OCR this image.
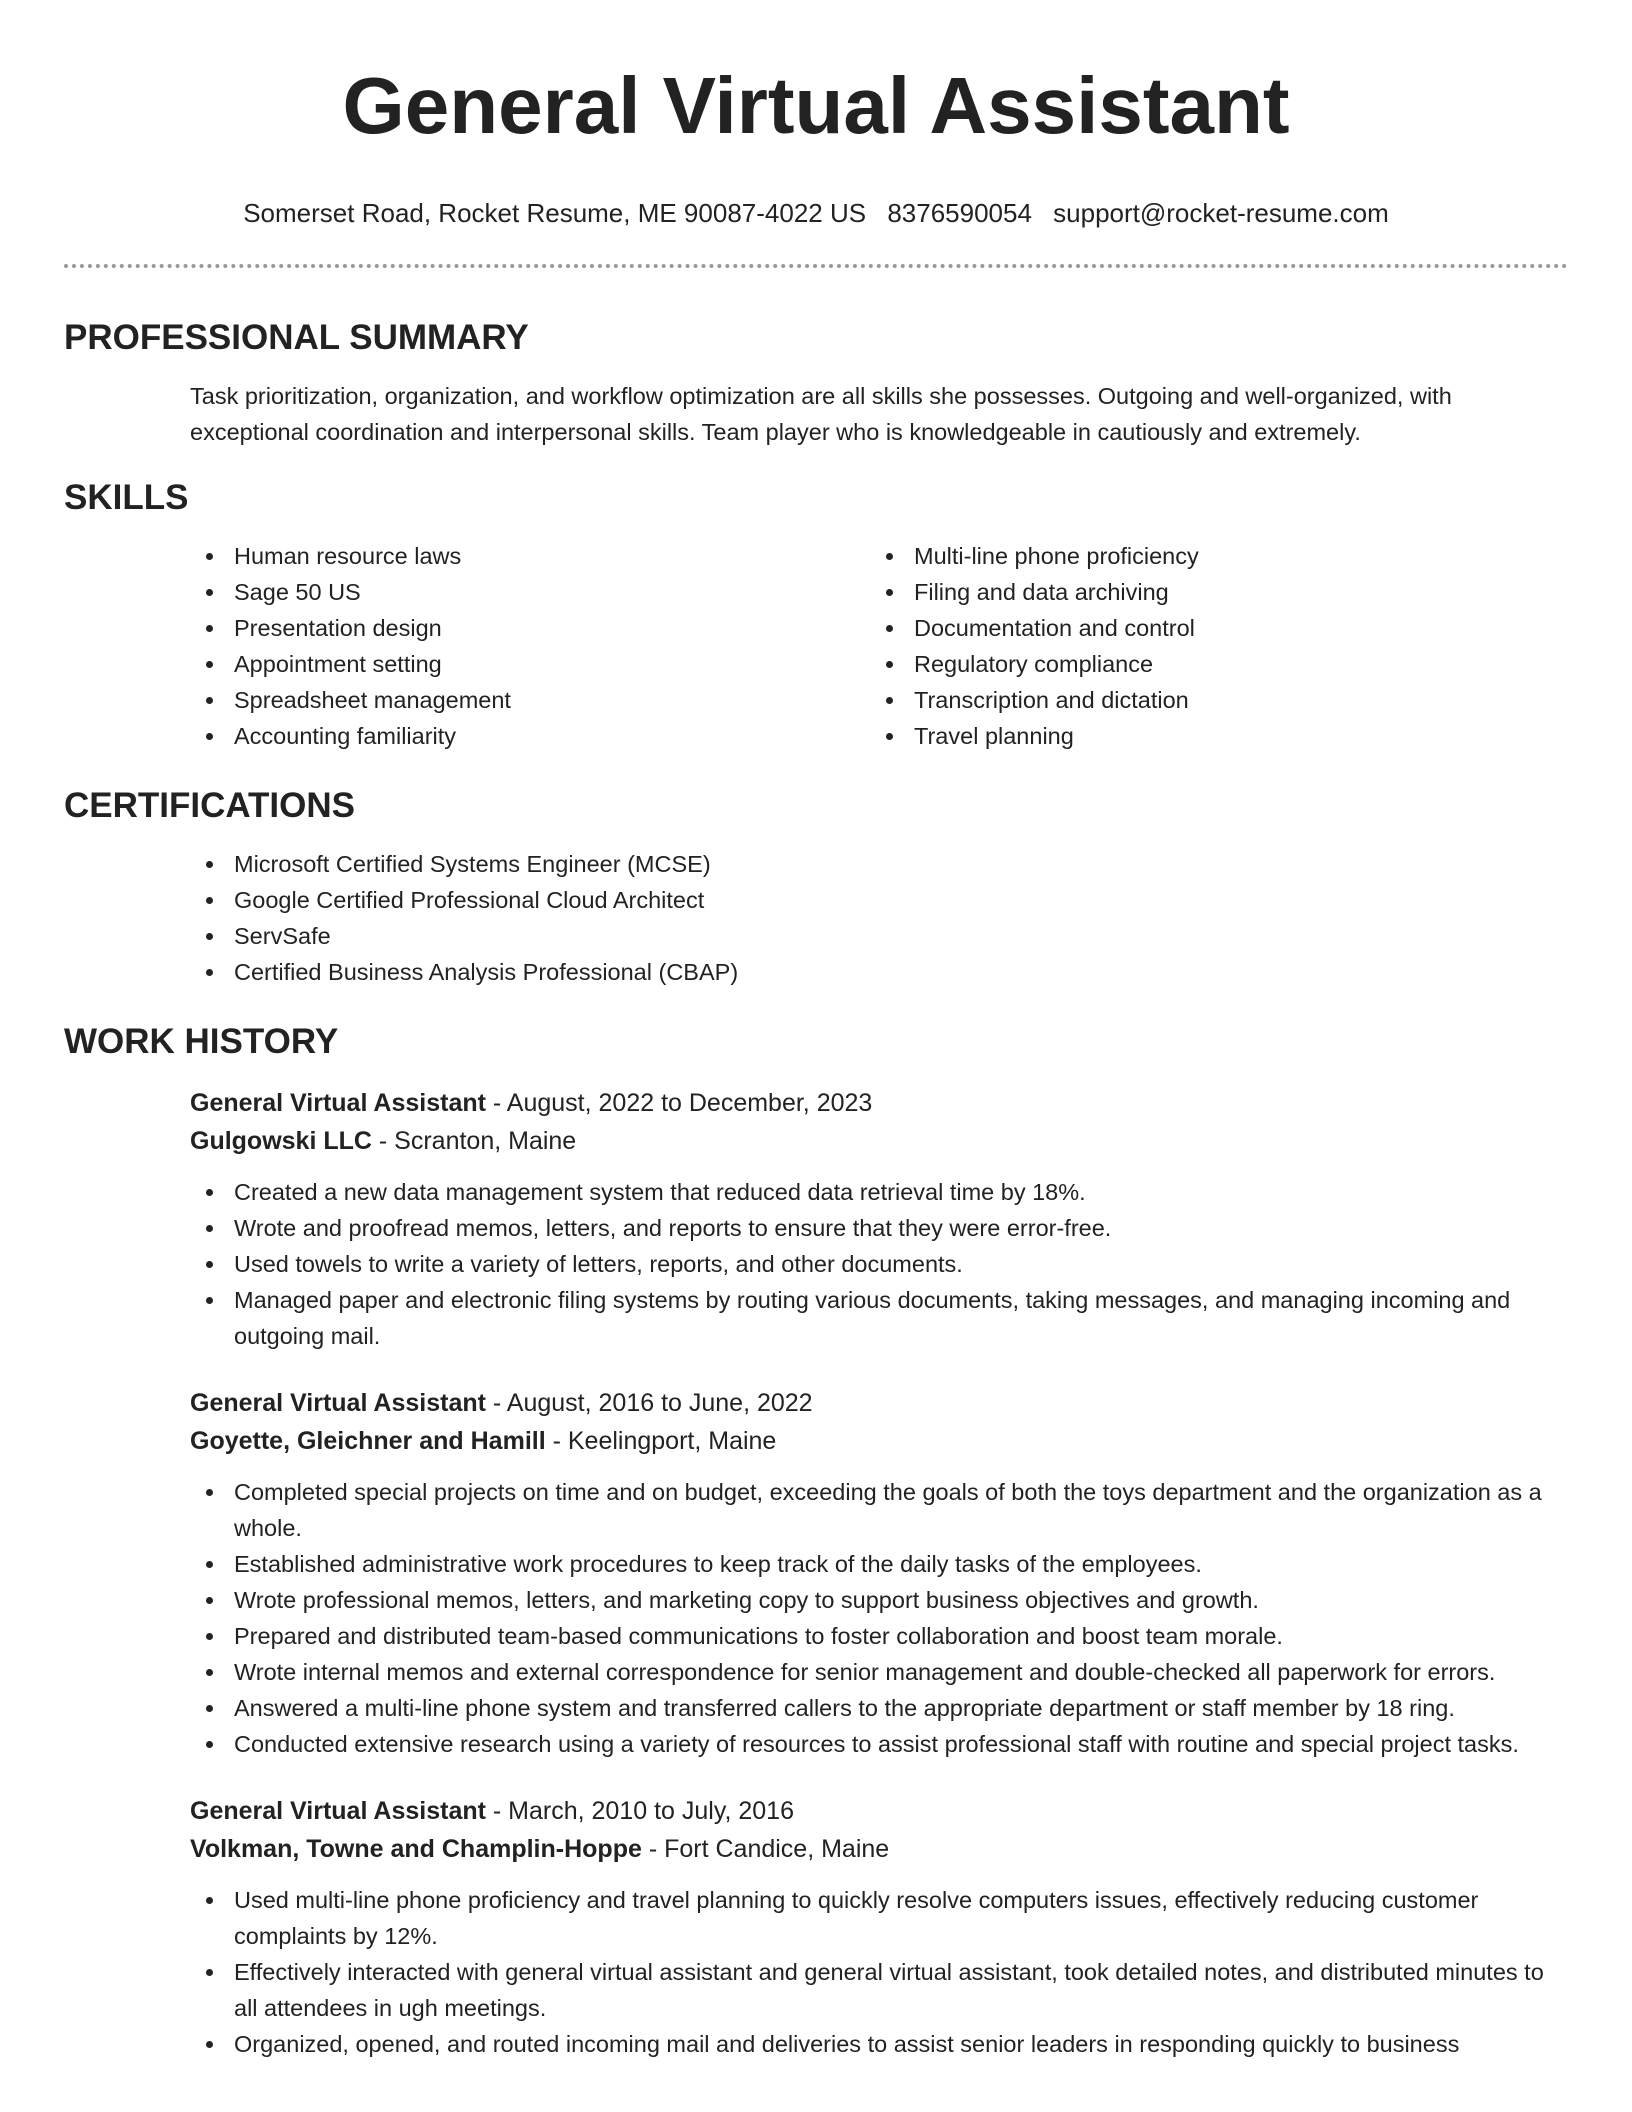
General Virtual Assistant
Somerset Road, Rocket Resume, ME 90087-4022 US 8376590054 support@rocket-resume.com
PROFESSIONAL SUMMARY

Task prioritization, organization, and workflow optimization are all skills she possesses. Outgoing and well-organized, with exceptional coordination and interpersonal skills. Team player who is knowledgeable in cautiously and extremely.

SKILLS
Human resource laws
Sage 50 US
Presentation design
Appointment setting
Spreadsheet management
Accounting familiarity
Multi-line phone proficiency
Filing and data archiving
Documentation and control
Regulatory compliance
Transcription and dictation
Travel planning
CERTIFICATIONS
Microsoft Certified Systems Engineer (MCSE)
Google Certified Professional Cloud Architect
ServSafe
Certified Business Analysis Professional (CBAP)
WORK HISTORY
General Virtual Assistant - August, 2022 to December, 2023
Gulgowski LLC - Scranton, Maine
Created a new data management system that reduced data retrieval time by 18%.
Wrote and proofread memos, letters, and reports to ensure that they were error-free.
Used towels to write a variety of letters, reports, and other documents.
Managed paper and electronic filing systems by routing various documents, taking messages, and managing incoming and outgoing mail.
General Virtual Assistant - August, 2016 to June, 2022
Goyette, Gleichner and Hamill - Keelingport, Maine
Completed special projects on time and on budget, exceeding the goals of both the toys department and the organization as a whole.
Established administrative work procedures to keep track of the daily tasks of the employees.
Wrote professional memos, letters, and marketing copy to support business objectives and growth.
Prepared and distributed team-based communications to foster collaboration and boost team morale.
Wrote internal memos and external correspondence for senior management and double-checked all paperwork for errors.
Answered a multi-line phone system and transferred callers to the appropriate department or staff member by 18 ring.
Conducted extensive research using a variety of resources to assist professional staff with routine and special project tasks.
General Virtual Assistant - March, 2010 to July, 2016
Volkman, Towne and Champlin-Hoppe - Fort Candice, Maine
Used multi-line phone proficiency and travel planning to quickly resolve computers issues, effectively reducing customer complaints by 12%.
Effectively interacted with general virtual assistant and general virtual assistant, took detailed notes, and distributed minutes to all attendees in ugh meetings.
Organized, opened, and routed incoming mail and deliveries to assist senior leaders in responding quickly to business
